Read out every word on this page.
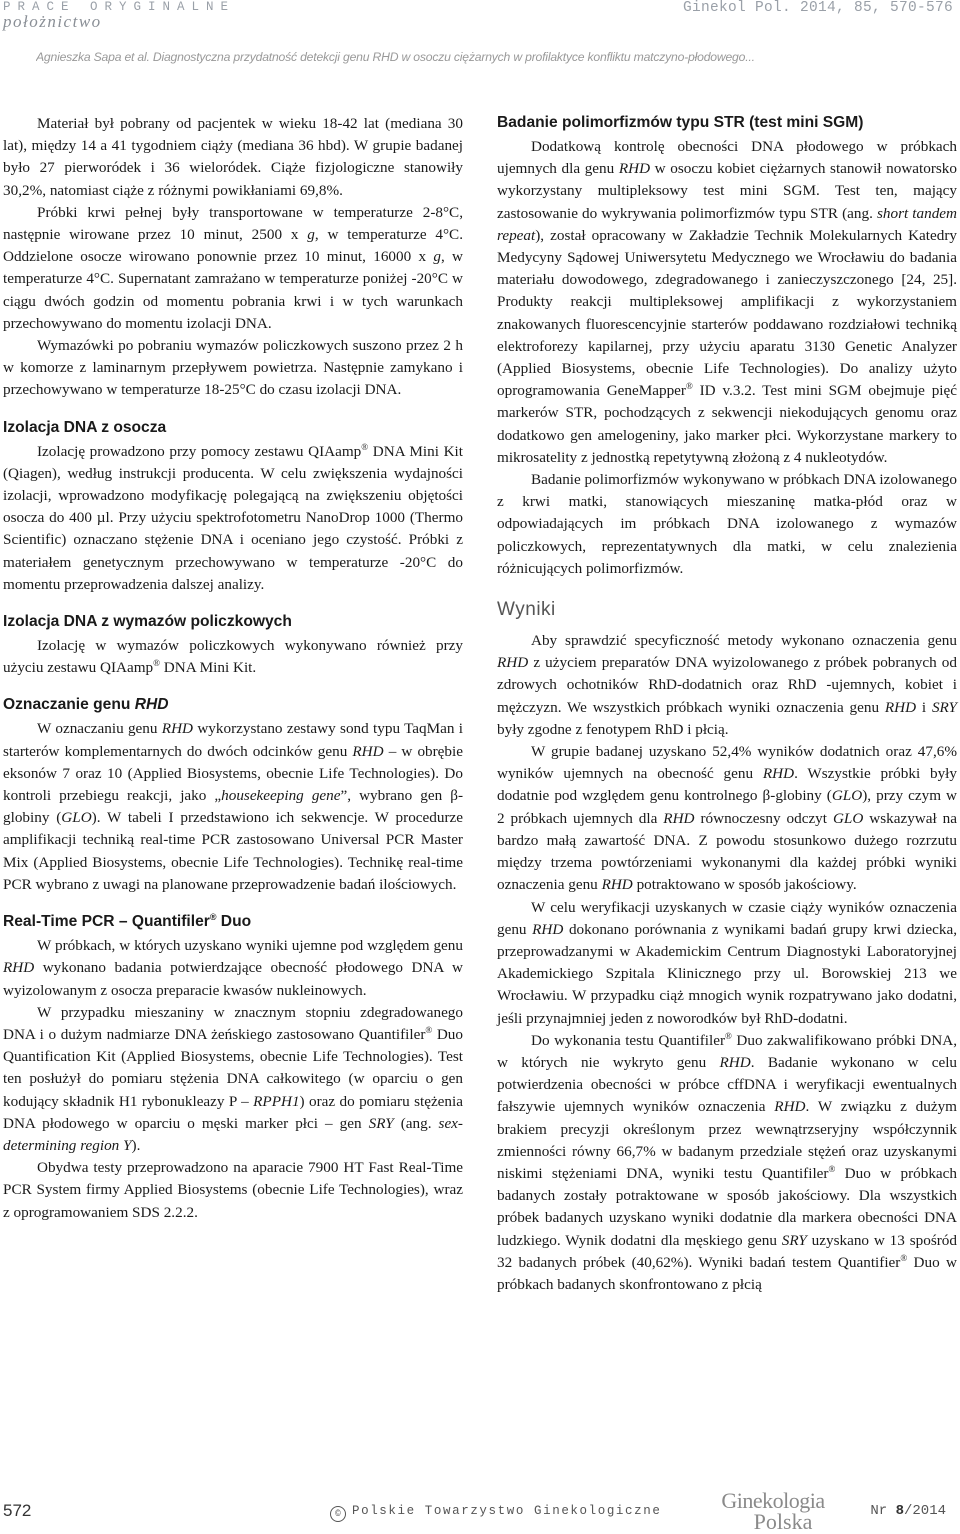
PRACE ORYGINALNE
położnictwo
Ginekol Pol. 2014, 85, 570-576
Agnieszka Sapa et al. Diagnostyczna przydatność detekcji genu RHD w osoczu ciężarnych w profilaktyce konfliktu matczyno-płodowego...

Materiał był pobrany od pacjentek w wieku 18-42 lat (mediana 30 lat), między 14 a 41 tygodniem ciąży (mediana 36 hbd). W grupie badanej było 27 pierworódek i 36 wieloródek. Ciąże fizjologiczne stanowiły 30,2%, natomiast ciąże z różnymi powikłaniami 69,8%.

Próbki krwi pełnej były transportowane w temperaturze 2-8°C, następnie wirowane przez 10 minut, 2500 x g, w temperaturze 4°C. Oddzielone osocze wirowano ponownie przez 10 minut, 16000 x g, w temperaturze 4°C. Supernatant zamrażano w temperaturze poniżej -20°C w ciągu dwóch godzin od momentu pobrania krwi i w tych warunkach przechowywano do momentu izolacji DNA.

Wymazówki po pobraniu wymazów policzkowych suszono przez 2 h w komorze z laminarnym przepływem powietrza. Następnie zamykano i przechowywano w temperaturze 18-25°C do czasu izolacji DNA.

Izolacja DNA z osocza

Izolację prowadzono przy pomocy zestawu QIAamp® DNA Mini Kit (Qiagen), według instrukcji producenta. W celu zwiększenia wydajności izolacji, wprowadzono modyfikację polegającą na zwiększeniu objętości osocza do 400 µl. Przy użyciu spektrofotometru NanoDrop 1000 (Thermo Scientific) oznaczano stężenie DNA i oceniano jego czystość. Próbki z materiałem genetycznym przechowywano w temperaturze -20°C do momentu przeprowadzenia dalszej analizy.

Izolacja DNA z wymazów policzkowych

Izolację w wymazów policzkowych wykonywano również przy użyciu zestawu QIAamp® DNA Mini Kit.

Oznaczanie genu RHD

W oznaczaniu genu RHD wykorzystano zestawy sond typu TaqMan i starterów komplementarnych do dwóch odcinków genu RHD – w obrębie eksonów 7 oraz 10 (Applied Biosystems, obecnie Life Technologies). Do kontroli przebiegu reakcji, jako „housekeeping gene”, wybrano gen β-globiny (GLO). W tabeli I przedstawiono ich sekwencje. W procedurze amplifikacji techniką real-time PCR zastosowano Universal PCR Master Mix (Applied Biosystems, obecnie Life Technologies). Technikę real-time PCR wybrano z uwagi na planowane przeprowadzenie badań ilościowych.

Real-Time PCR – Quantifiler® Duo

W próbkach, w których uzyskano wyniki ujemne pod względem genu RHD wykonano badania potwierdzające obecność płodowego DNA w wyizolowanym z osocza preparacie kwasów nukleinowych.

W przypadku mieszaniny w znacznym stopniu zdegradowanego DNA i o dużym nadmiarze DNA żeńskiego zastosowano Quantifiler® Duo Quantification Kit (Applied Biosystems, obecnie Life Technologies). Test ten posłużył do pomiaru stężenia DNA całkowitego (w oparciu o gen kodujący składnik H1 rybonukleazy P – RPPH1) oraz do pomiaru stężenia DNA płodowego w oparciu o męski marker płci – gen SRY (ang. sex-determining region Y).

Obydwa testy przeprowadzono na aparacie 7900 HT Fast Real-Time PCR System firmy Applied Biosystems (obecnie Life Technologies), wraz z oprogramowaniem SDS 2.2.2.

Badanie polimorfizmów typu STR (test mini SGM)

Dodatkową kontrolę obecności DNA płodowego w próbkach ujemnych dla genu RHD w osoczu kobiet ciężarnych stanowił nowatorsko wykorzystany multipleksowy test mini SGM. Test ten, mający zastosowanie do wykrywania polimorfizmów typu STR (ang. short tandem repeat), został opracowany w Zakładzie Technik Molekularnych Katedry Medycyny Sądowej Uniwersytetu Medycznego we Wrocławiu do badania materiału dowodowego, zdegradowanego i zanieczyszczonego [24, 25]. Produkty reakcji multipleksowej amplifikacji z wykorzystaniem znakowanych fluorescencyjnie starterów poddawano rozdziałowi techniką elektroforezy kapilarnej, przy użyciu aparatu 3130 Genetic Analyzer (Applied Biosystems, obecnie Life Technologies). Do analizy użyto oprogramowania GeneMapper® ID v.3.2. Test mini SGM obejmuje pięć markerów STR, pochodzących z sekwencji niekodujących genomu oraz dodatkowo gen amelogeniny, jako marker płci. Wykorzystane markery to mikrosatelity z jednostką repetytywną złożoną z 4 nukleotydów.

Badanie polimorfizmów wykonywano w próbkach DNA izolowanego z krwi matki, stanowiących mieszaninę matka-płód oraz w odpowiadających im próbkach DNA izolowanego z wymazów policzkowych, reprezentatywnych dla matki, w celu znalezienia różnicujących polimorfizmów.

Wyniki

Aby sprawdzić specyficzność metody wykonano oznaczenia genu RHD z użyciem preparatów DNA wyizolowanego z próbek pobranych od zdrowych ochotników RhD-dodatnich oraz RhD -ujemnych, kobiet i mężczyzn. We wszystkich próbkach wyniki oznaczenia genu RHD i SRY były zgodne z fenotypem RhD i płcią.

W grupie badanej uzyskano 52,4% wyników dodatnich oraz 47,6% wyników ujemnych na obecność genu RHD. Wszystkie próbki były dodatnie pod względem genu kontrolnego β-globiny (GLO), przy czym w 2 próbkach ujemnych dla RHD równoczesny odczyt GLO wskazywał na bardzo małą zawartość DNA. Z powodu stosunkowo dużego rozrzutu między trzema powtórzeniami wykonanymi dla każdej próbki wyniki oznaczenia genu RHD potraktowano w sposób jakościowy.

W celu weryfikacji uzyskanych w czasie ciąży wyników oznaczenia genu RHD dokonano porównania z wynikami badań grupy krwi dziecka, przeprowadzanymi w Akademickim Centrum Diagnostyki Laboratoryjnej Akademickiego Szpitala Klinicznego przy ul. Borowskiej 213 we Wrocławiu. W przypadku ciąż mnogich wynik rozpatrywano jako dodatni, jeśli przynajmniej jeden z noworodków był RhD-dodatni.

Do wykonania testu Quantifiler® Duo zakwalifikowano próbki DNA, w których nie wykryto genu RHD. Badanie wykonano w celu potwierdzenia obecności w próbce cffDNA i weryfikacji ewentualnych fałszywie ujemnych wyników oznaczenia RHD. W związku z dużym brakiem precyzji określonym przez wewnątrzseryjny współczynnik zmienności równy 66,7% w badanym przedziale stężeń oraz uzyskanymi niskimi stężeniami DNA, wyniki testu Quantifiler® Duo w próbkach badanych zostały potraktowane w sposób jakościowy. Dla wszystkich próbek badanych uzyskano wyniki dodatnie dla markera obecności DNA ludzkiego. Wynik dodatni dla męskiego genu SRY uzyskano w 13 spośród 32 badanych próbek (40,62%). Wyniki badań testem Quantifier® Duo w próbkach badanych skonfrontowano z płcią

572	© Polskie Towarzystwo Ginekologiczne	Ginekologia
Polska	Nr 8/2014
